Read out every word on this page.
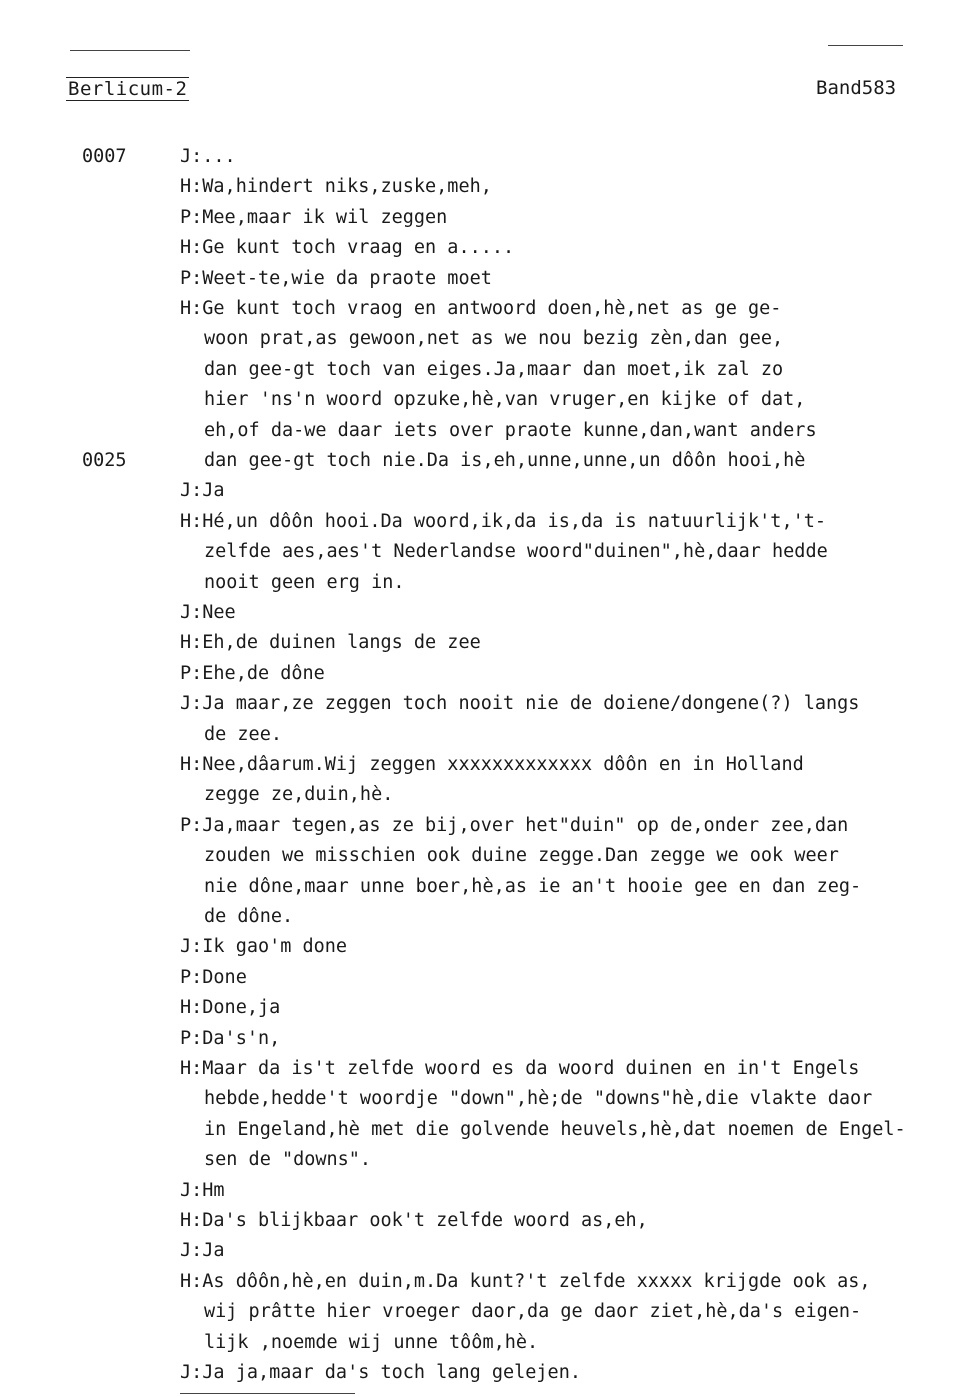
Berlicum-2	Band583
J:...
H:Wa,hindert niks,zuske,meh,
P:Mee,maar ik wil zeggen
H:Ge kunt toch vraag en a.....
P:Weet-te,wie da praote moet
H:Ge kunt toch vraog en antwoord doen,hè,net as ge ge-
woon prat,as gewoon,net as we nou bezig zèn,dan gee,
dan gee-gt toch van eiges.Ja,maar dan moet,ik zal zo
hier 'ns'n woord opzuke,hè,van vruger,en kijke of dat,
eh,of da-we daar iets over praote kunne,dan,want anders
dan gee-gt toch nie.Da is,eh,unne,unne,un dôôn hooi,hè
J:Ja
H:Hé,un dôôn hooi.Da woord,ik,da is,da is natuurlijk't,'t-
zelfde aes,aes't Nederlandse woord"duinen",hè,daar hedde
nooit geen erg in.
J:Nee
H:Eh,de duinen langs de zee
P:Ehe,de dône
J:Ja maar,ze zeggen toch nooit nie de doiene/dongene(?) langs
de zee.
H:Nee,dâarum.Wij zeggen xxxxxxxxxxxxx dôôn en in Holland
zegge ze,duin,hè.
P:Ja,maar tegen,as ze bij,over het"duin" op de,onder zee,dan
zouden we misschien ook duine zegge.Dan zegge we ook weer
nie dône,maar unne boer,hè,as ie an't hooie gee en dan zeg-
de dône.
J:Ik gao'm done
P:Done
H:Done,ja
P:Da's'n,
H:Maar da is't zelfde woord es da woord duinen en in't Engels
hebde,hedde't woordje "down",hè;de "downs"hè,die vlakte daor
in Engeland,hè met die golvende heuvels,hè,dat noemen de Engel-
sen de "downs".
J:Hm
H:Da's blijkbaar ook't zelfde woord as,eh,
J:Ja
H:As dôôn,hè,en duin,m.Da kunt?'t zelfde xxxxx krijgde ook as,
wij prâtte hier vroeger daor,da ge daor ziet,hè,da's eigen-
lijk ,noemde wij unne tôôm,hè.
J:Ja ja,maar da's toch lang gelejen.
0007
0025
